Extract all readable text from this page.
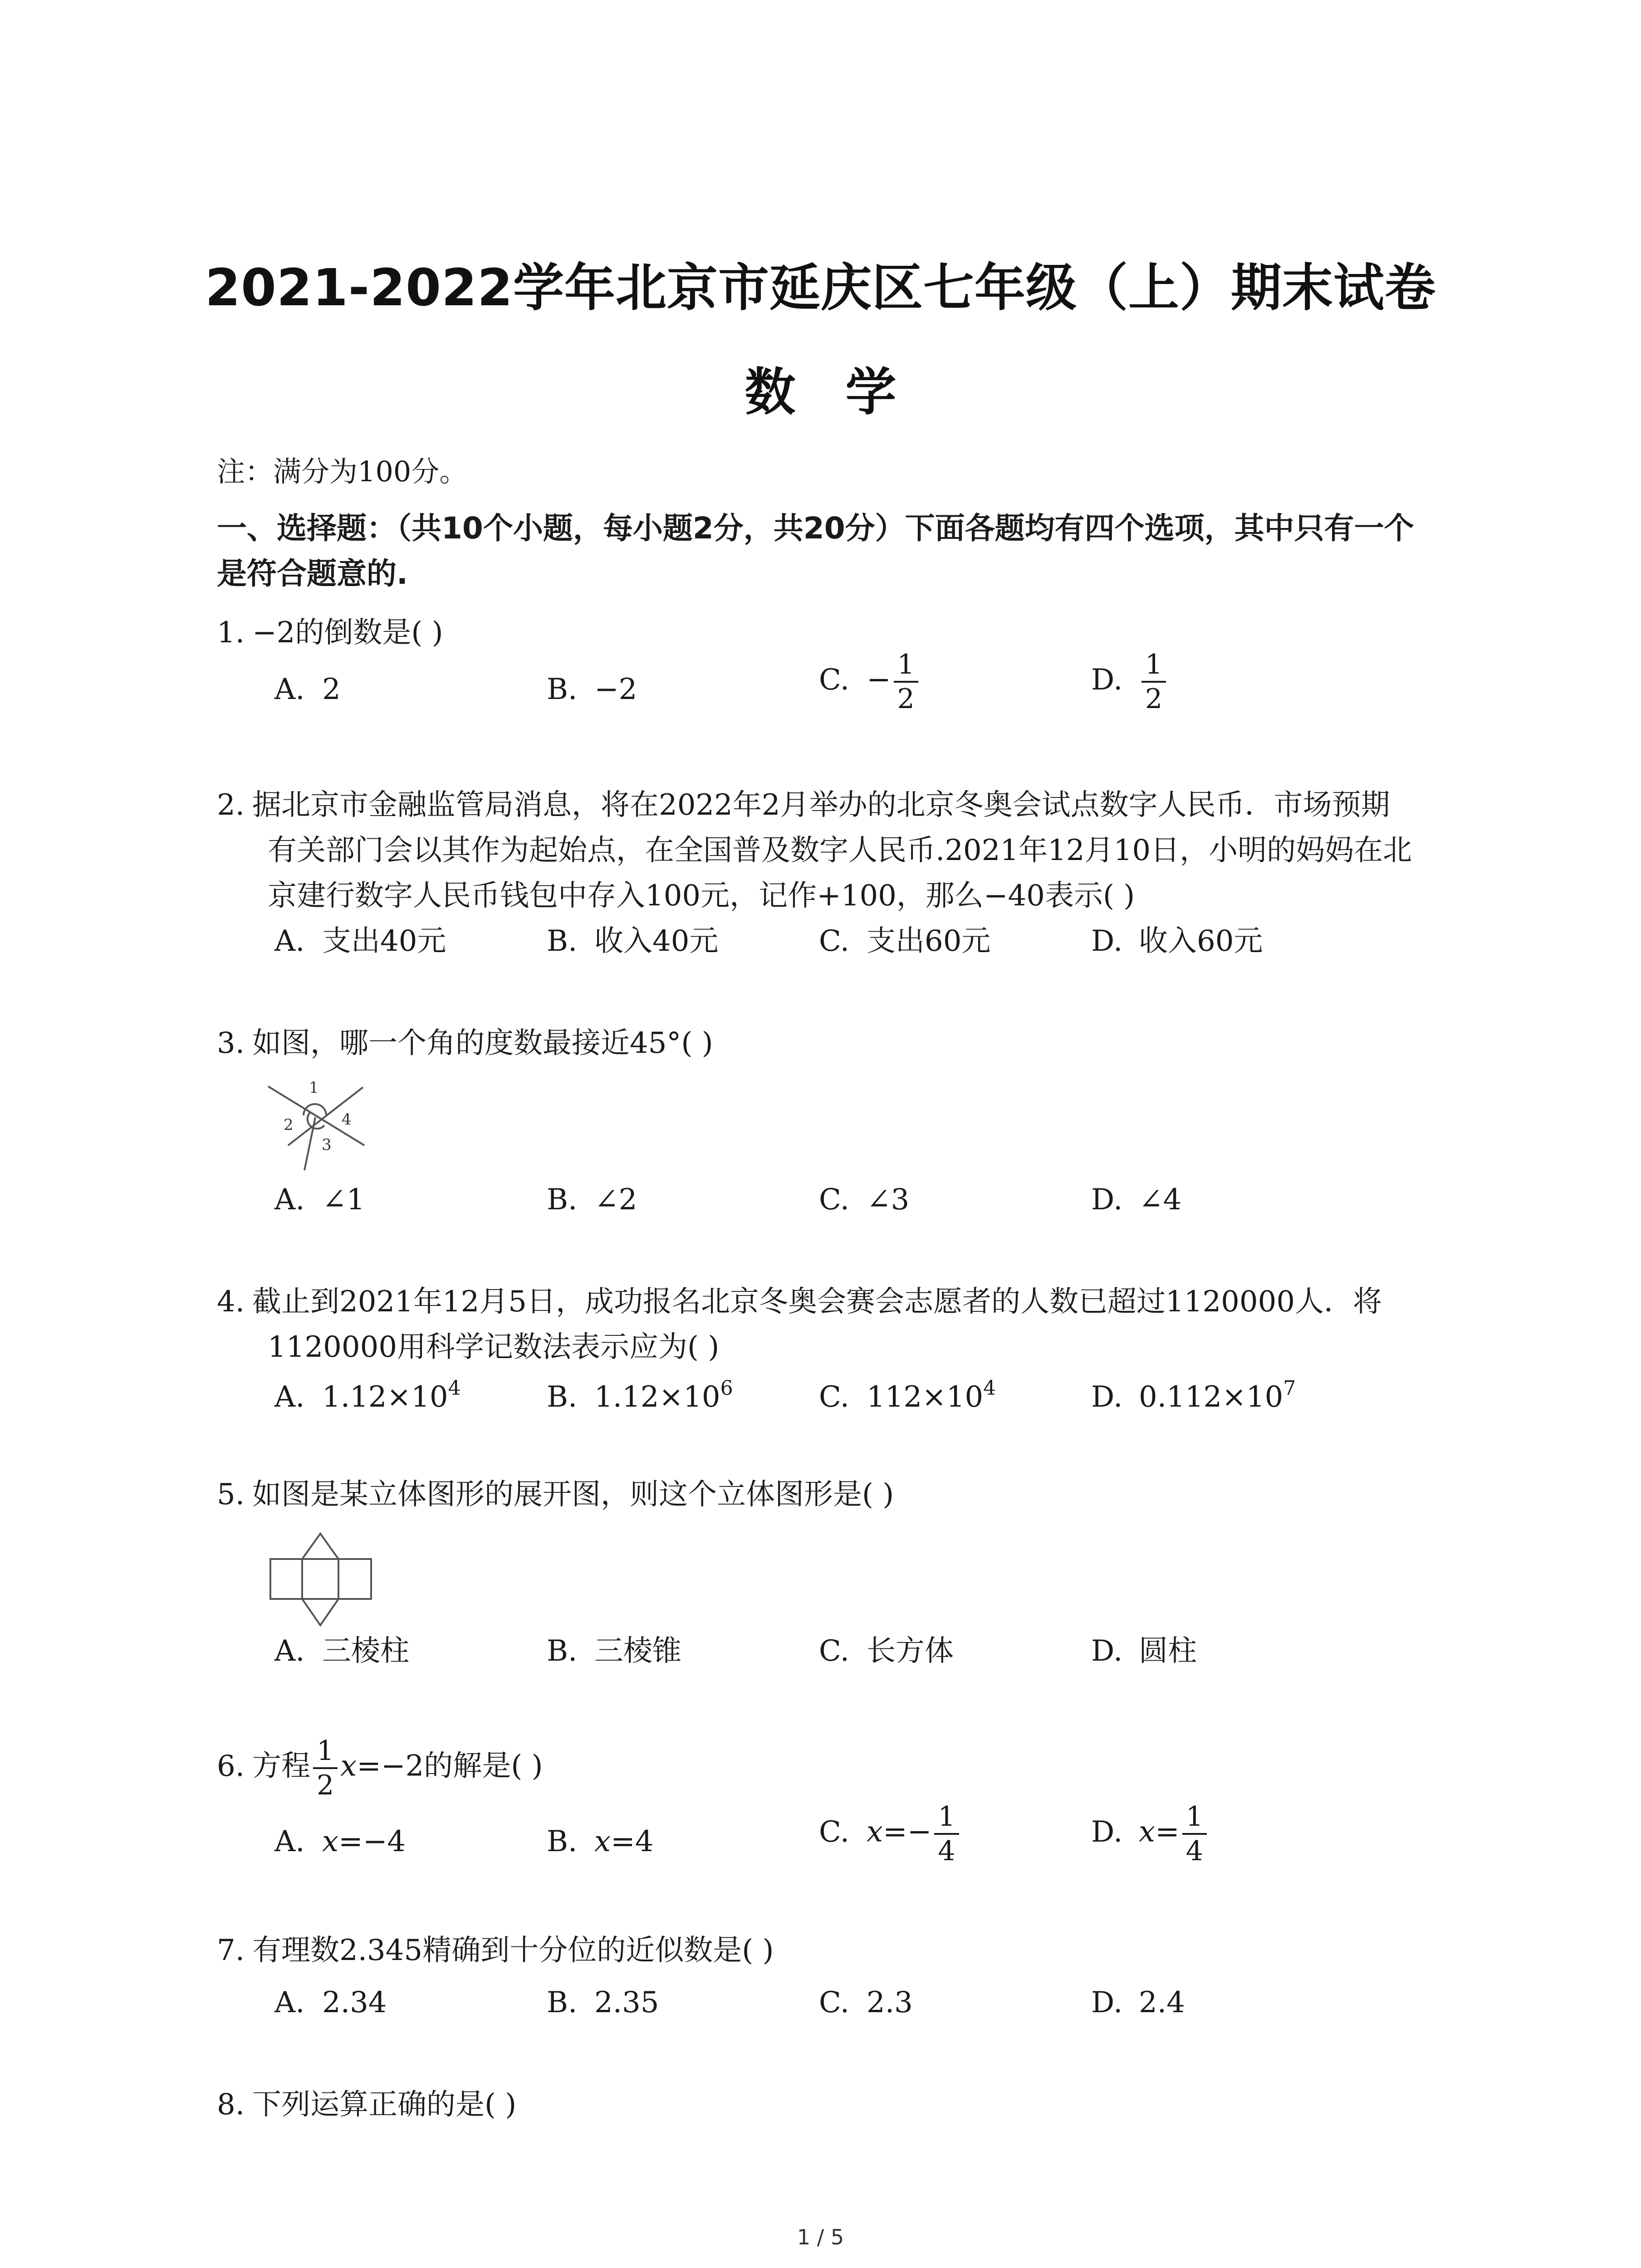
2021-2022学年北京市延庆区七年级（上）期末试卷
数学
注：满分为100分。
一、选择题：（共10个小题，每小题2分，共20分）下面各题均有四个选项，其中只有一个
是符合题意的.
1. −2的倒数是( )
A. 2	B. −2	C. − $\frac{1}{2}$	D. $\frac{1}{2}$
2. 据北京市金融监管局消息，将在2022年2月举办的北京冬奥会试点数字人民币．市场预期
有关部门会以其作为起始点，在全国普及数字人民币.2021年12月10日，小明的妈妈在北
京建行数字人民币钱包中存入100元，记作+100，那么−40表示( )
A. 支出40元	B. 收入40元	C. 支出60元	D. 收入60元
3. 如图，哪一个角的度数最接近45°( )
1
2
3
4
A. ∠1	B. ∠2	C. ∠3	D. ∠4
4. 截止到2021年12月5日，成功报名北京冬奥会赛会志愿者的人数已超过1120000人．将
1120000用科学记数法表示应为( )
A. $1.12\times 10^4$	B. $1.12\times 10^6$	C. $112\times 10^4$	D. $0.112\times 10^7$
5. 如图是某立体图形的展开图，则这个立体图形是( )
A. 三棱柱	B. 三棱锥	C. 长方体	D. 圆柱
6. 方程 $\frac{1}{2} x=-2$的解是( )
A. x=−4	B. x=4	C. $x=- \frac{1}{4}$	D. $x= \frac{1}{4}$
7. 有理数2.345精确到十分位的近似数是( )
A. 2.34	B. 2.35	C. 2.3	D. 2.4
8. 下列运算正确的是( )
1 / 5
